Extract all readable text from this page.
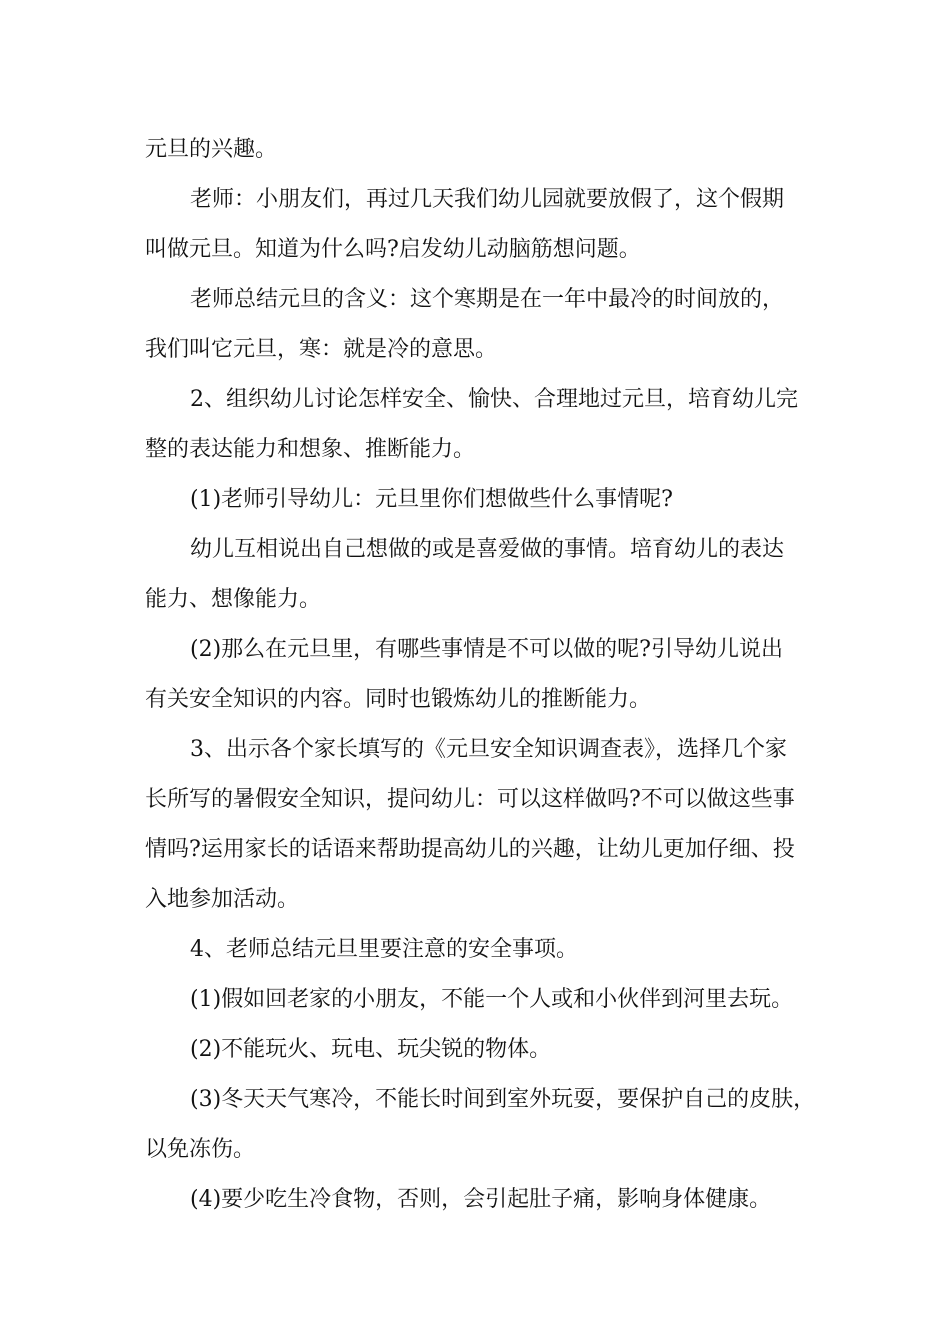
元旦的兴趣。
老师：小朋友们，再过几天我们幼儿园就要放假了，这个假期
叫做元旦。知道为什么吗?启发幼儿动脑筋想问题。
老师总结元旦的含义：这个寒期是在一年中最冷的时间放的，
我们叫它元旦，寒：就是冷的意思。
2、组织幼儿讨论怎样安全、愉快、合理地过元旦，培育幼儿完
整的表达能力和想象、推断能力。
(1)老师引导幼儿：元旦里你们想做些什么事情呢?
幼儿互相说出自己想做的或是喜爱做的事情。培育幼儿的表达
能力、想像能力。
(2)那么在元旦里，有哪些事情是不可以做的呢?引导幼儿说出
有关安全知识的内容。同时也锻炼幼儿的推断能力。
3、出示各个家长填写的《元旦安全知识调查表》，选择几个家
长所写的暑假安全知识，提问幼儿：可以这样做吗?不可以做这些事
情吗?运用家长的话语来帮助提高幼儿的兴趣，让幼儿更加仔细、投
入地参加活动。
4、老师总结元旦里要注意的安全事项。
(1)假如回老家的小朋友，不能一个人或和小伙伴到河里去玩。
(2)不能玩火、玩电、玩尖锐的物体。
(3)冬天天气寒冷，不能长时间到室外玩耍，要保护自己的皮肤，
以免冻伤。
(4)要少吃生冷食物，否则，会引起肚子痛，影响身体健康。
